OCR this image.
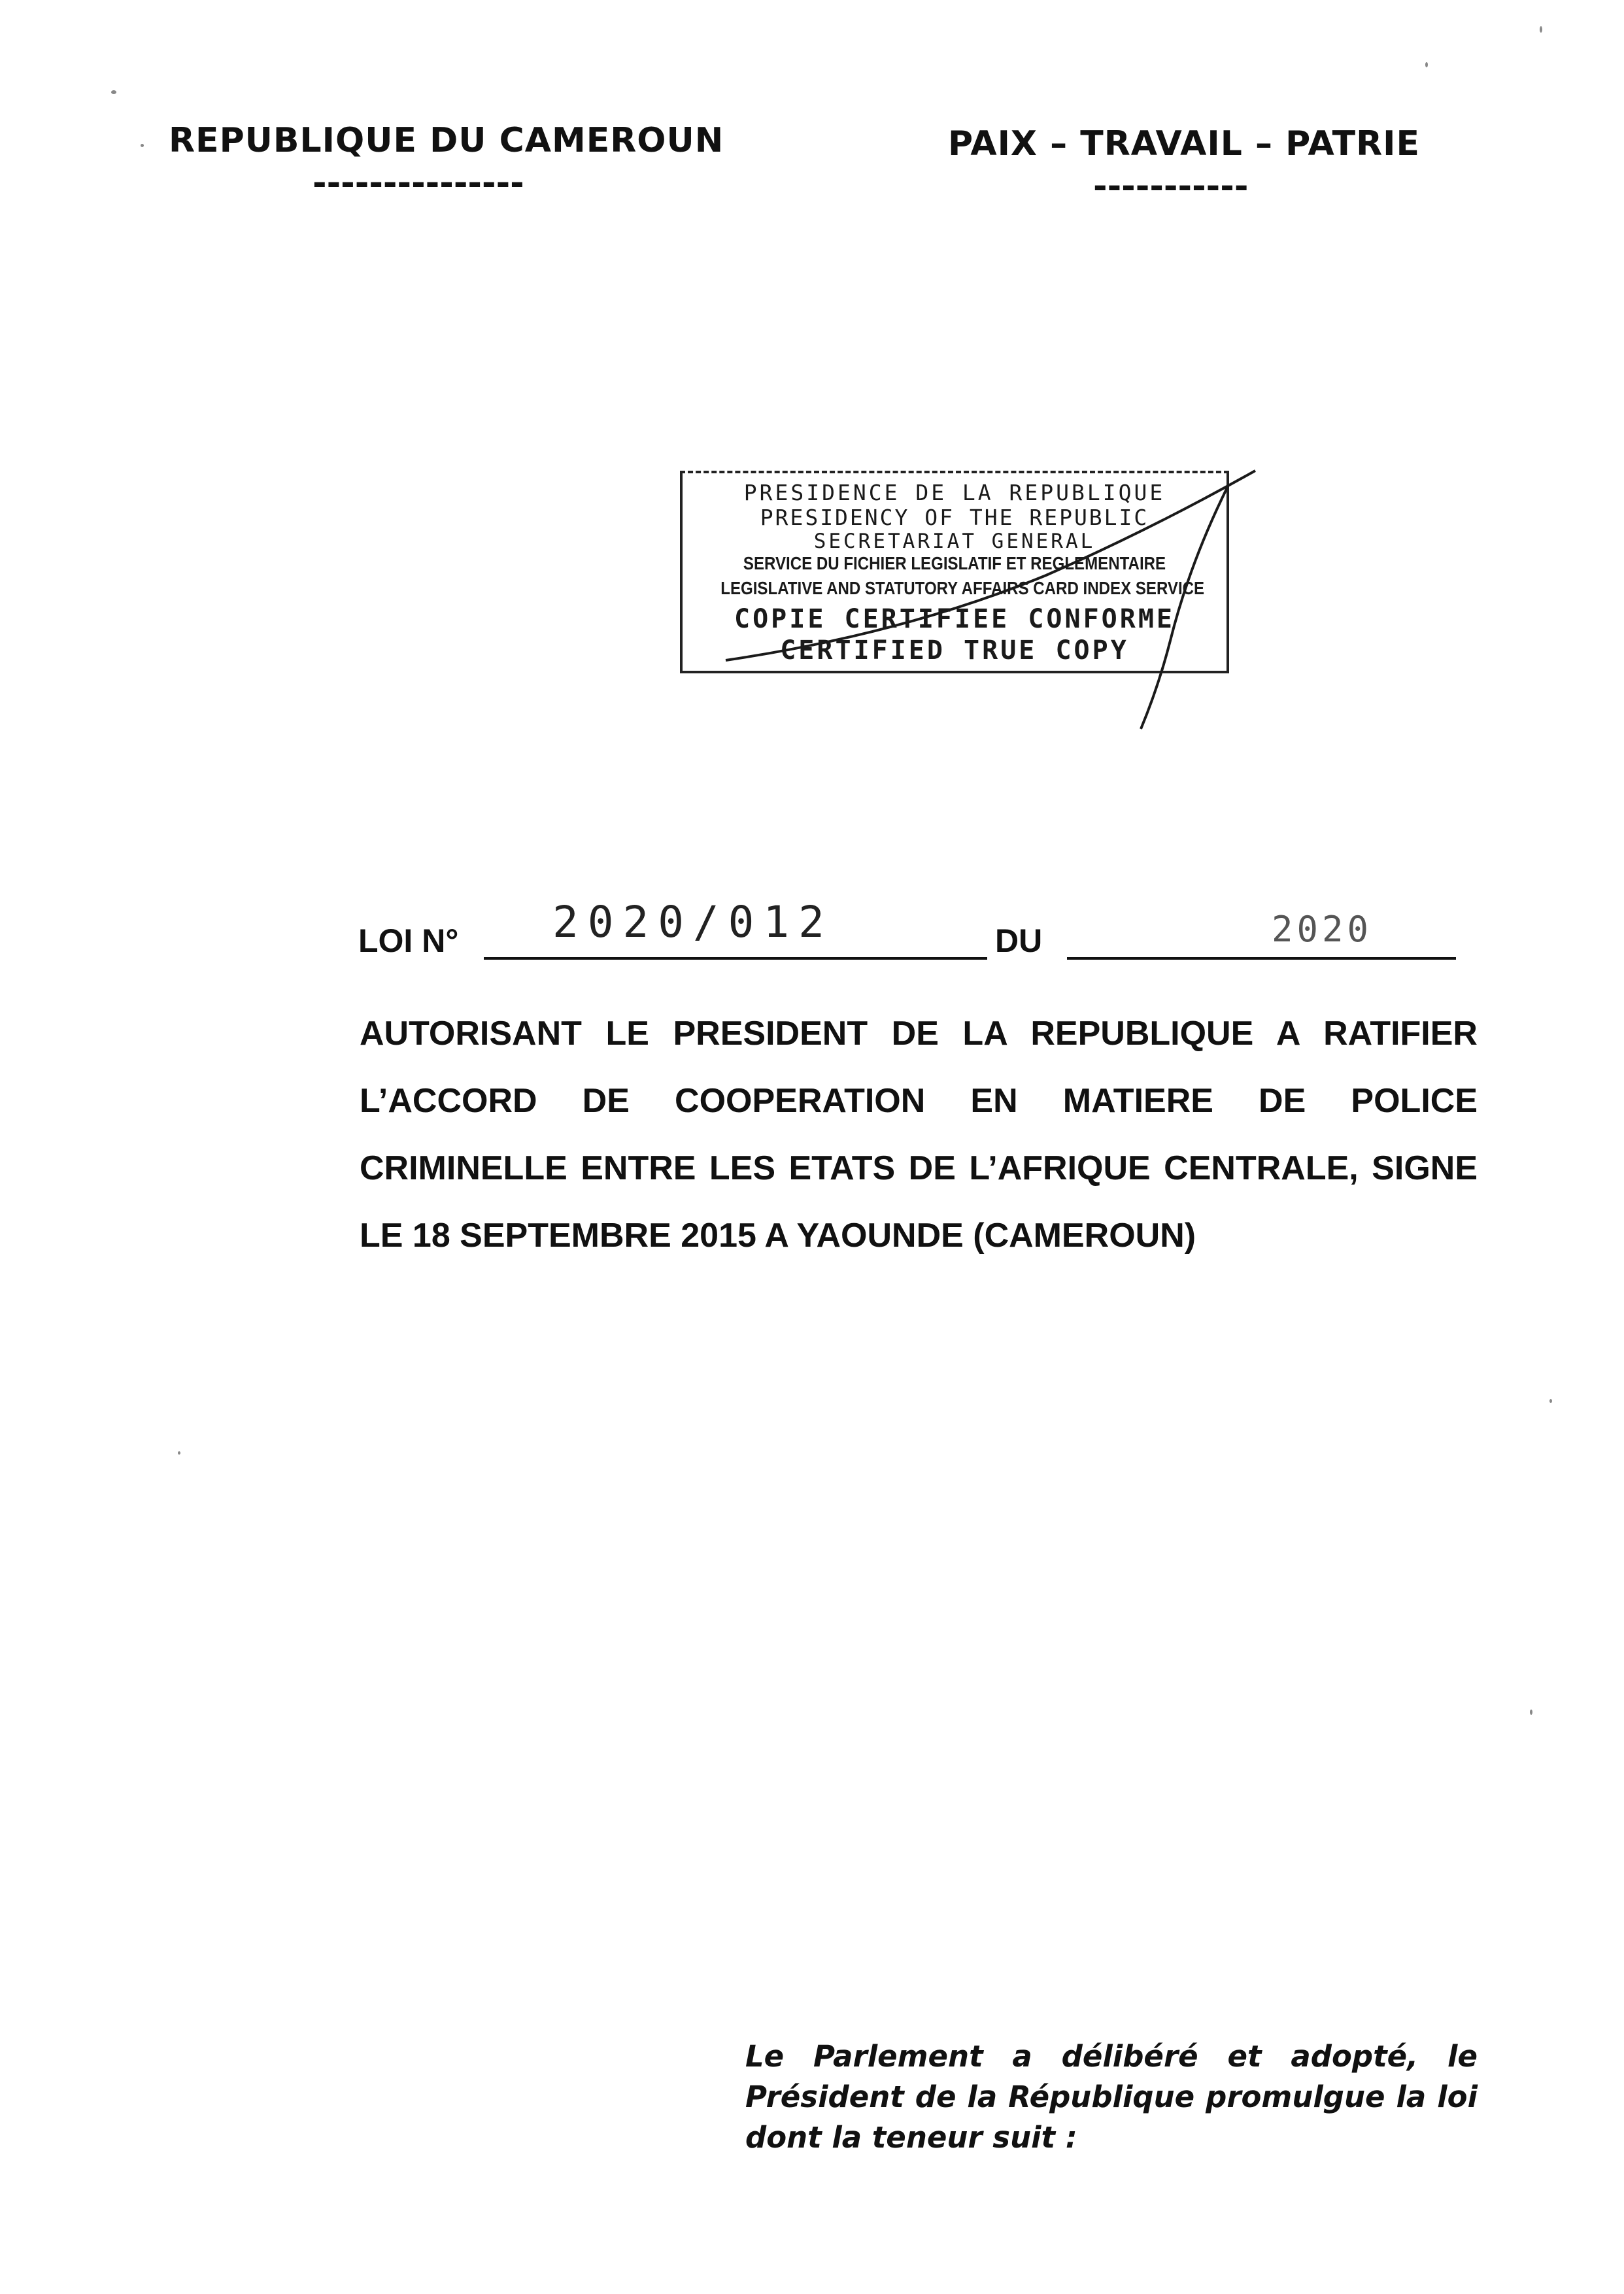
REPUBLIQUE DU CAMEROUN
---------------
PAIX – TRAVAIL – PATRIE
-----------
PRESIDENCE DE LA REPUBLIQUE
PRESIDENCY OF THE REPUBLIC
SECRETARIAT GENERAL
SERVICE DU FICHIER LEGISLATIF ET REGLEMENTAIRE
LEGISLATIVE AND STATUTORY AFFAIRS CARD INDEX SERVICE
COPIE CERTIFIEE CONFORME
CERTIFIED TRUE COPY
LOI N° 2020/012	DU	2020
AUTORISANT LE PRESIDENT DE LA REPUBLIQUE A RATIFIER L’ACCORD DE COOPERATION EN MATIERE DE POLICE CRIMINELLE ENTRE LES ETATS DE L’AFRIQUE CENTRALE, SIGNE LE 18 SEPTEMBRE 2015 A YAOUNDE (CAMEROUN)
Le Parlement a délibéré et adopté, le Président de la République promulgue la loi dont la teneur suit :
